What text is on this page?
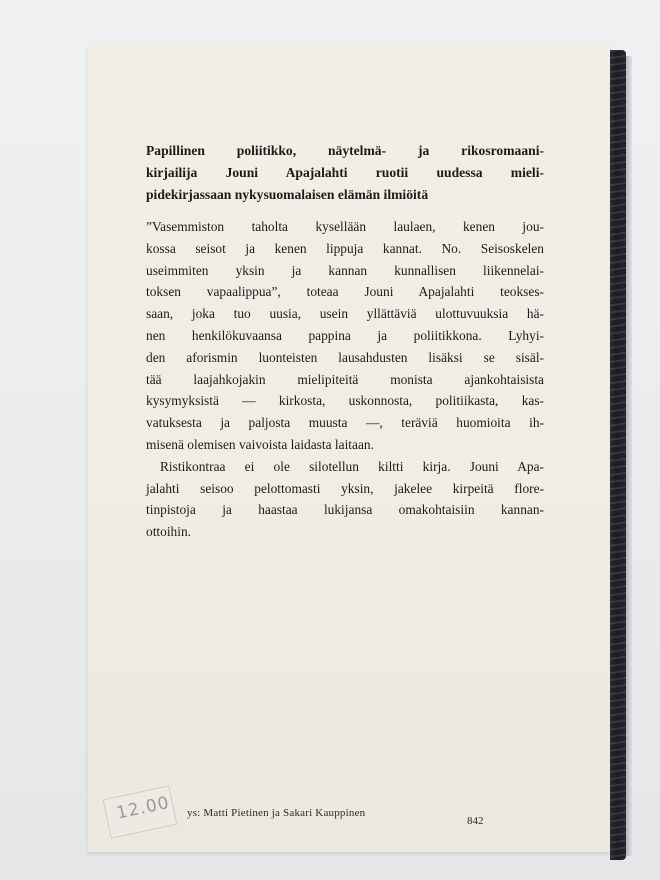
Papillinen poliitikko, näytelmä- ja rikosromaani-
kirjailija Jouni Apajalahti ruotii uudessa mieli-
pidekirjassaan nykysuomalaisen elämän ilmiöitä
”Vasemmiston taholta kysellään laulaen, kenen jou-
kossa seisot ja kenen lippuja kannat. No. Seisoskelen
useimmiten yksin ja kannan kunnallisen liikennelai-
toksen vapaalippua”, toteaa Jouni Apajalahti teokses-
saan, joka tuo uusia, usein yllättäviä ulottuvuuksia hä-
nen henkilökuvaansa pappina ja poliitikkona. Lyhyi-
den aforismin luonteisten lausahdusten lisäksi se sisäl-
tää laajahkojakin mielipiteitä monista ajankohtaisista
kysymyksistä — kirkosta, uskonnosta, politiikasta, kas-
vatuksesta ja paljosta muusta —, teräviä huomioita ih-
misenä olemisen vaivoista laidasta laitaan.
Ristikontraa ei ole silotellun kiltti kirja. Jouni Apa-
jalahti seisoo pelottomasti yksin, jakelee kirpeitä flore-
tinpistoja ja haastaa lukijansa omakohtaisiin kannan-
ottoihin.
12.00 ys: Matti Pietinen ja Sakari Kauppinen
842
